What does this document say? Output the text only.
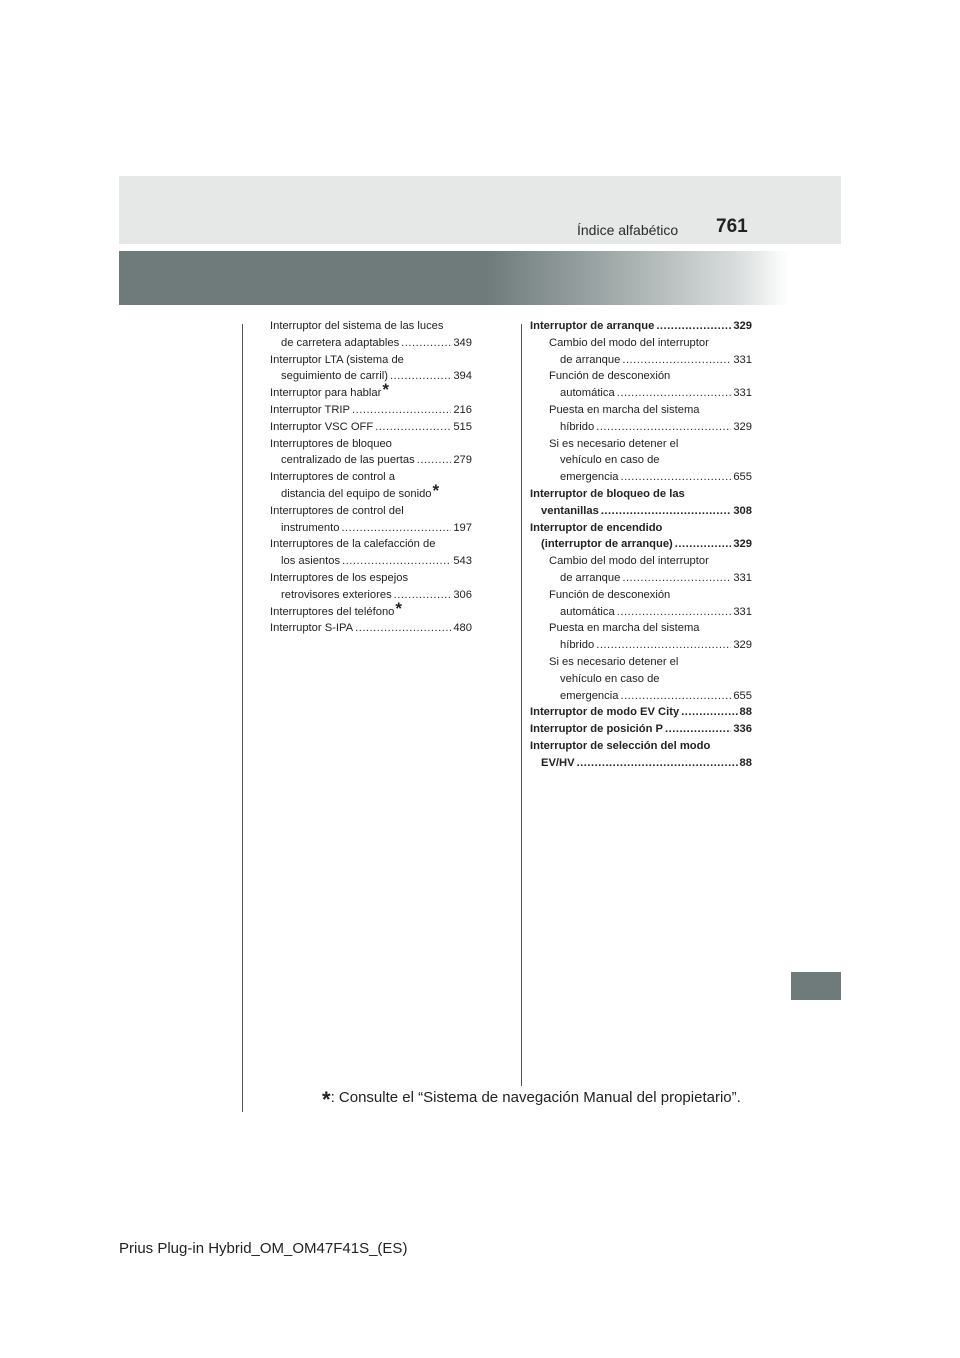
Índice alfabético 761
Interruptor del sistema de las luces
de carretera adaptables .....	349
Interruptor LTA (sistema de
seguimiento de carril) .....	394
Interruptor para hablar *
Interruptor TRIP .....	216
Interruptor VSC OFF .....	515
Interruptores de bloqueo
centralizado de las puertas .....	279
Interruptores de control a
distancia del equipo de sonido *
Interruptores de control del
instrumento .....	197
Interruptores de la calefacción de
los asientos .....	543
Interruptores de los espejos
retrovisores exteriores .....	306
Interruptores del teléfono *
Interruptor S-IPA .....	480
Interruptor de arranque .....	329
Cambio del modo del interruptor
de arranque .....	331
Función de desconexión
automática .....	331
Puesta en marcha del sistema
híbrido .....	329
Si es necesario detener el
vehículo en caso de
emergencia .....	655
Interruptor de bloqueo de las
ventanillas .....	308
Interruptor de encendido
(interruptor de arranque) .....	329
Cambio del modo del interruptor
de arranque .....	331
Función de desconexión
automática .....	331
Puesta en marcha del sistema
híbrido .....	329
Si es necesario detener el
vehículo en caso de
emergencia .....	655
Interruptor de modo EV City .....	88
Interruptor de posición P .....	336
Interruptor de selección del modo
EV/HV .....	88
*: Consulte el “Sistema de navegación Manual del propietario”.
Prius Plug-in Hybrid_OM_OM47F41S_(ES)
